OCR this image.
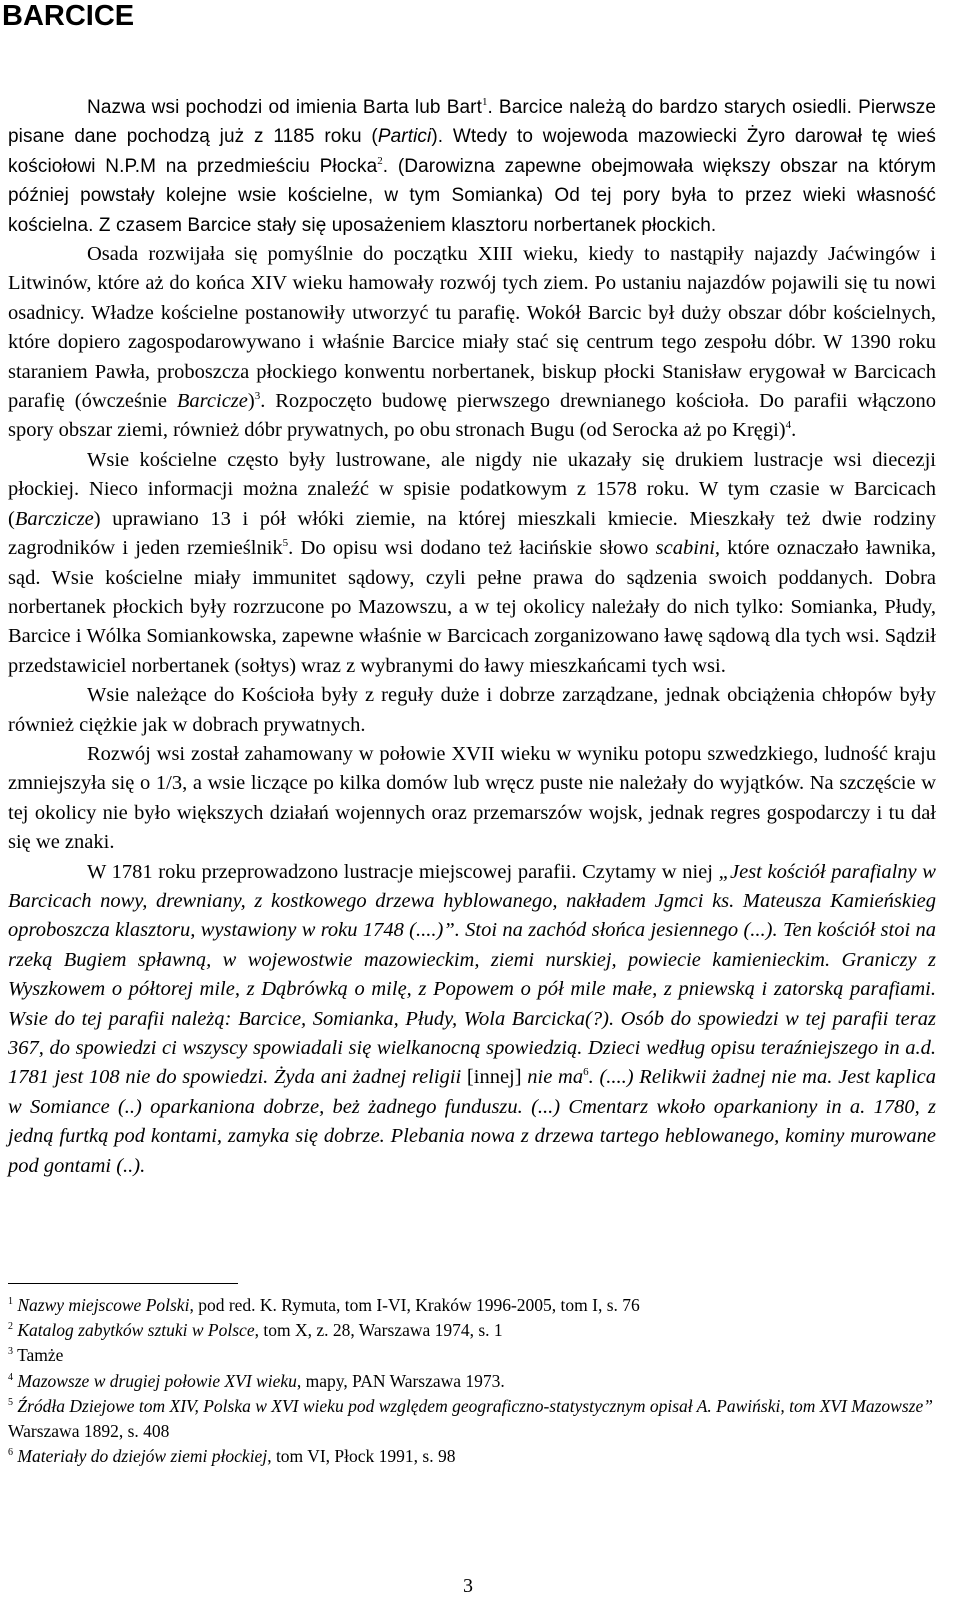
BARCICE

Nazwa wsi pochodzi od imienia Barta lub Bart$^1$. Barcice należą do bardzo starych osiedli. Pierwsze pisane dane pochodzą już z 1185 roku (Partici). Wtedy to wojewoda mazowiecki Żyro darował tę wieś kościołowi N.P.M na przedmieściu Płocka$^2$. (Darowizna zapewne obejmowała większy obszar na którym później powstały kolejne wsie kościelne, w tym Somianka) Od tej pory była to przez wieki własność kościelna. Z czasem Barcice stały się uposażeniem klasztoru norbertanek płockich.

Osada rozwijała się pomyślnie do początku XIII wieku, kiedy to nastąpiły najazdy Jaćwingów i Litwinów, które aż do końca XIV wieku hamowały rozwój tych ziem. Po ustaniu najazdów pojawili się tu nowi osadnicy. Władze kościelne postanowiły utworzyć tu parafię. Wokół Barcic był duży obszar dóbr kościelnych, które dopiero zagospodarowywano i właśnie Barcice miały stać się centrum tego zespołu dóbr. W 1390 roku staraniem Pawła, proboszcza płockiego konwentu norbertanek, biskup płocki Stanisław erygował w Barcicach parafię (ówcześnie Barcicze)$^3$. Rozpoczęto budowę pierwszego drewnianego kościoła. Do parafii włączono spory obszar ziemi, również dóbr prywatnych, po obu stronach Bugu (od Serocka aż po Kręgi)$^4$.

Wsie kościelne często były lustrowane, ale nigdy nie ukazały się drukiem lustracje wsi diecezji płockiej. Nieco informacji można znaleźć w spisie podatkowym z 1578 roku. W tym czasie w Barcicach (Barczicze) uprawiano 13 i pół włóki ziemie, na której mieszkali kmiecie. Mieszkały też dwie rodziny zagrodników i jeden rzemieślnik$^5$. Do opisu wsi dodano też łacińskie słowo scabini, które oznaczało ławnika, sąd. Wsie kościelne miały immunitet sądowy, czyli pełne prawa do sądzenia swoich poddanych. Dobra norbertanek płockich były rozrzucone po Mazowszu, a w tej okolicy należały do nich tylko: Somianka, Płudy, Barcice i Wólka Somiankowska, zapewne właśnie w Barcicach zorganizowano ławę sądową dla tych wsi. Sądził przedstawiciel norbertanek (sołtys) wraz z wybranymi do ławy mieszkańcami tych wsi.

Wsie należące do Kościoła były z reguły duże i dobrze zarządzane, jednak obciążenia chłopów były również ciężkie jak w dobrach prywatnych.

Rozwój wsi został zahamowany w połowie XVII wieku w wyniku potopu szwedzkiego, ludność kraju zmniejszyła się o 1/3, a wsie liczące po kilka domów lub wręcz puste nie należały do wyjątków. Na szczęście w tej okolicy nie było większych działań wojennych oraz przemarszów wojsk, jednak regres gospodarczy i tu dał się we znaki.

W 1781 roku przeprowadzono lustracje miejscowej parafii. Czytamy w niej „Jest kościół parafialny w Barcicach nowy, drewniany, z kostkowego drzewa hyblowanego, nakładem Jgmci ks. Mateusza Kamieńskieg oproboszcza klasztoru, wystawiony w roku 1748 (....)”. Stoi na zachód słońca jesiennego (...). Ten kościół stoi na rzeką Bugiem spławną, w wojewostwie mazowieckim, ziemi nurskiej, powiecie kamienieckim. Graniczy z Wyszkowem o półtorej mile, z Dąbrówką o milę, z Popowem o pół mile małe, z pniewską i zatorską parafiami. Wsie do tej parafii należą: Barcice, Somianka, Płudy, Wola Barcicka(?). Osób do spowiedzi w tej parafii teraz 367, do spowiedzi ci wszyscy spowiadali się wielkanocną spowiedzią. Dzieci według opisu teraźniejszego in a.d. 1781 jest 108 nie do spowiedzi. Żyda ani żadnej religii [innej] nie $ma^6$. (....) Relikwii żadnej nie ma. Jest kaplica w Somiance (..) oparkaniona dobrze, beż żadnego funduszu. (...) Cmentarz wkoło oparkaniony in a. 1780, z jedną furtką pod kontami, zamyka się dobrze. Plebania nowa z drzewa tartego heblowanego, kominy murowane pod gontami (..).

$^1$ Nazwy miejscowe Polski, pod red. K. Rymuta, tom I-VI, Kraków 1996-2005, tom I, s. 76

$^2$ Katalog zabytków sztuki w Polsce, tom X, z. 28, Warszawa 1974, s. 1

$^3$ Tamże

$^4$ Mazowsze w drugiej połowie XVI wieku, mapy, PAN Warszawa 1973.

$^5$ Źródła Dziejowe tom XIV, Polska w XVI wieku pod względem geograficzno-statystycznym opisał A. Pawiński, tom XVI Mazowsze” Warszawa 1892, s. 408

$^6$ Materiały do dziejów ziemi płockiej, tom VI, Płock 1991, s. 98

3
